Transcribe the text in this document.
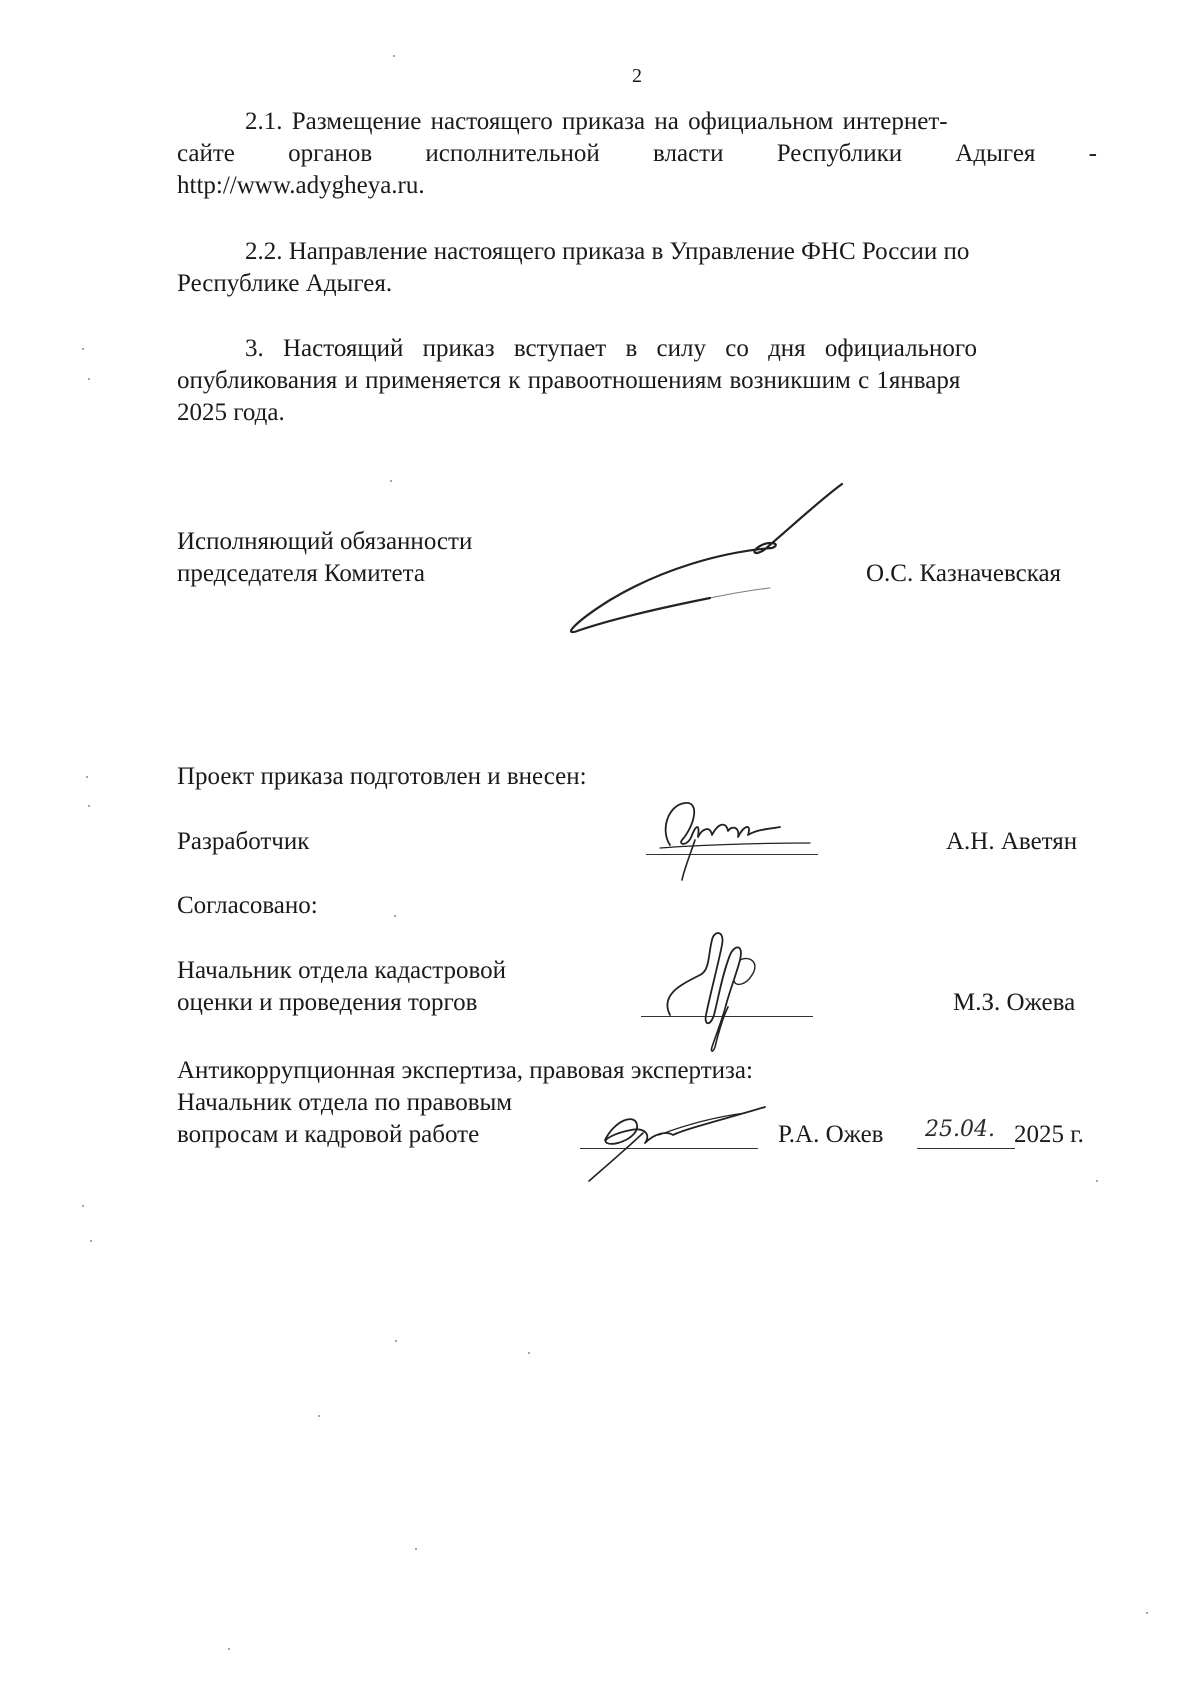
2
2.1. Размещение настоящего приказа на официальном интернет-
сайте органов исполнительной власти Республики Адыгея -
http://www.adygheya.ru.
2.2. Направление настоящего приказа в Управление ФНС России по
Республике Адыгея.
3. Настоящий приказ вступает в силу со дня официального
опубликования и применяется к правоотношениям возникшим с 1января
2025 года.
Исполняющий обязанности
председателя Комитета	О.С. Казначевская
Проект приказа подготовлен и внесен:
Разработчик	А.Н. Аветян
Согласовано:
Начальник отдела кадастровой
оценки и проведения торгов	М.З. Ожева
Антикоррупционная экспертиза, правовая экспертиза:
Начальник отдела по правовым
вопросам и кадровой работе	Р.А. Ожев 25.04. 2025 г.
